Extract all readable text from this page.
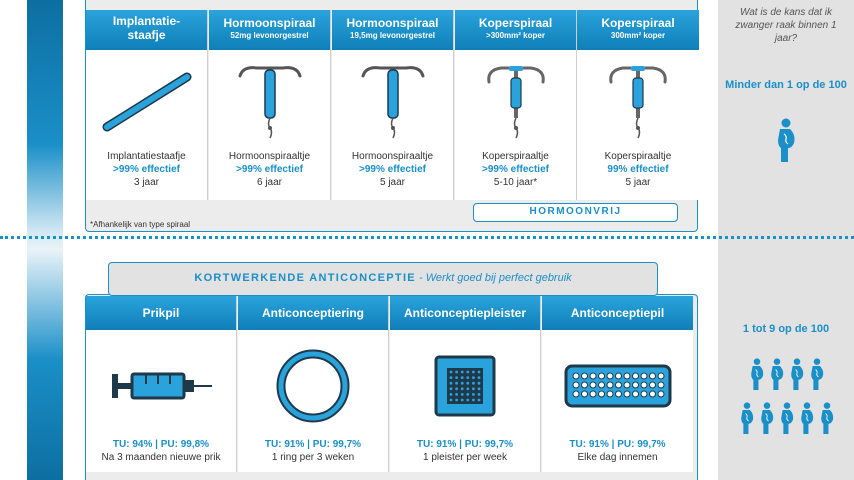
MEEST EFFECTIEF
MINST EFFECTIEF
Wat is de kans dat ik zwanger raak binnen 1 jaar?
Minder dan 1 op de 100
1 tot 9 op de 100
Implantatie-staafje
Implantatiestaafje
>99% effectief
3 jaar
Hormoonspiraal
52mg levonorgestrel
Hormoonspiraaltje
>99% effectief
6 jaar
Hormoonspiraal
19,5mg levonorgestrel
Hormoonspiraaltje
>99% effectief
5 jaar
Koperspiraal
>300mm² koper
Koperspiraaltje
>99% effectief
5-10 jaar*
Koperspiraal
300mm² koper
Koperspiraaltje
99% effectief
5 jaar
*Afhankelijk van type spiraal
HORMOONVRIJ
KORTWERKENDE ANTICONCEPTIE - Werkt goed bij perfect gebruik
Prikpil
TU: 94% | PU: 99,8%
Na 3 maanden nieuwe prik
Anticonceptiering
TU: 91% | PU: 99,7%
1 ring per 3 weken
Anticonceptiepleister
TU: 91% | PU: 99,7%
1 pleister per week
Anticonceptiepil
TU: 91% | PU: 99,7%
Elke dag innemen
